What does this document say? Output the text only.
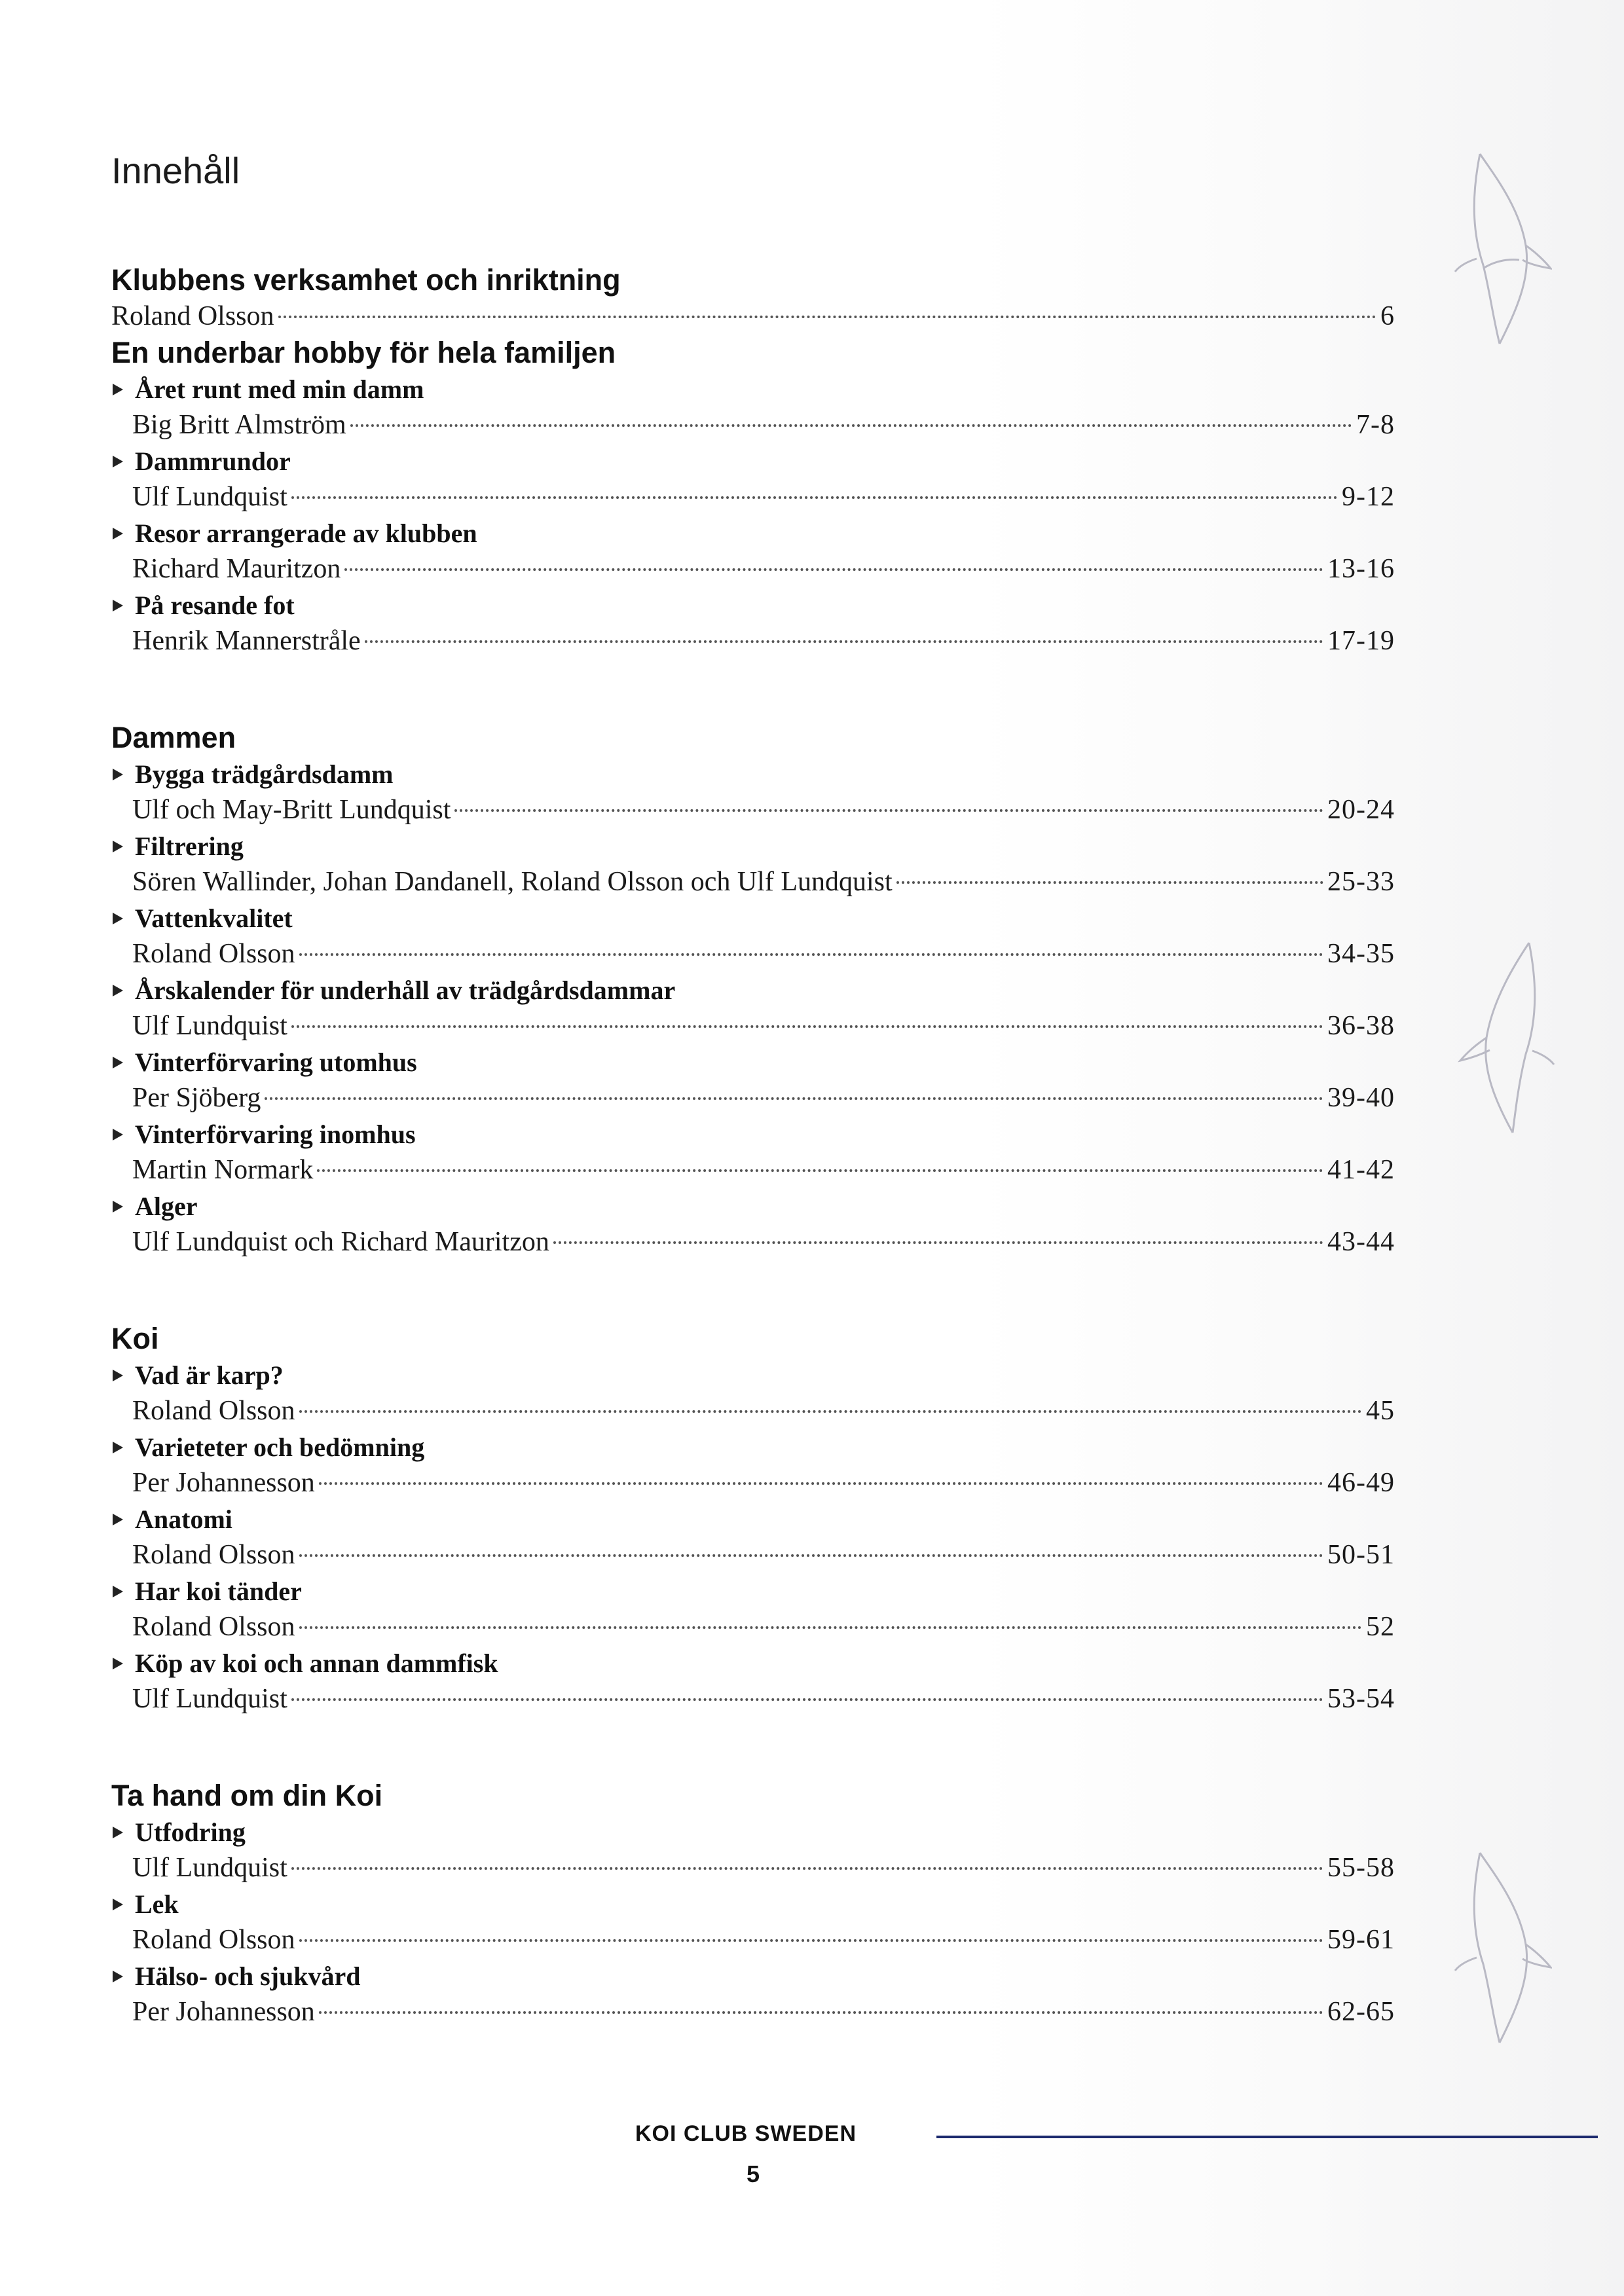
Innehåll
Klubbens verksamhet och inriktning
Roland Olsson	6
En underbar hobby för hela familjen
Året runt med min damm
Big Britt Almström	7-8
Dammrundor
Ulf Lundquist	9-12
Resor arrangerade av klubben
Richard Mauritzon	13-16
På resande fot
Henrik Mannerstråle	17-19
Dammen
Bygga trädgårdsdamm
Ulf och May-Britt Lundquist	20-24
Filtrering
Sören Wallinder, Johan Dandanell, Roland Olsson och Ulf Lundquist	25-33
Vattenkvalitet
Roland Olsson	34-35
Årskalender för underhåll av trädgårdsdammar
Ulf Lundquist	36-38
Vinterförvaring utomhus
Per Sjöberg	39-40
Vinterförvaring inomhus
Martin Normark	41-42
Alger
Ulf Lundquist och Richard Mauritzon	43-44
Koi
Vad är karp?
Roland Olsson	45
Varieteter och bedömning
Per Johannesson	46-49
Anatomi
Roland Olsson	50-51
Har koi tänder
Roland Olsson	52
Köp av koi och annan dammfisk
Ulf Lundquist	53-54
Ta hand om din Koi
Utfodring
Ulf Lundquist	55-58
Lek
Roland Olsson	59-61
Hälso- och sjukvård
Per Johannesson	62-65
KOI CLUB SWEDEN
5
